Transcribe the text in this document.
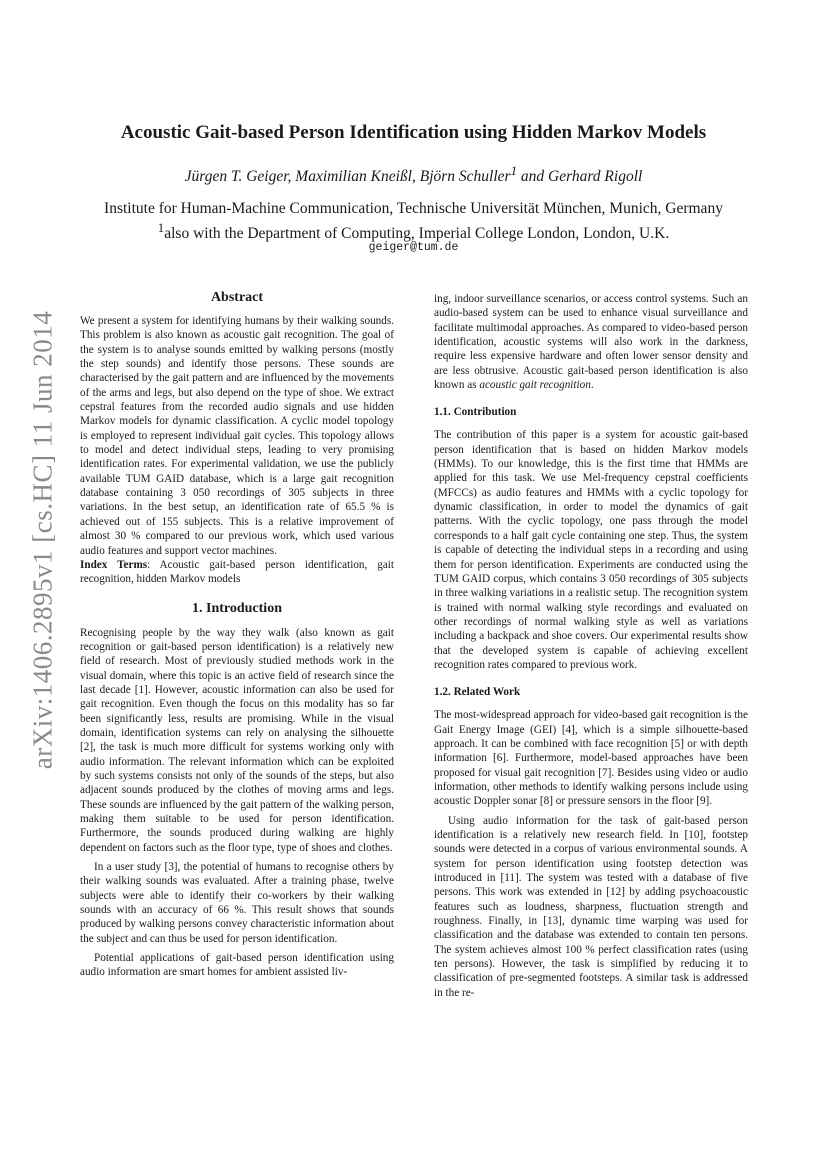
arXiv:1406.2895v1 [cs.HC] 11 Jun 2014
Acoustic Gait-based Person Identification using Hidden Markov Models
Jürgen T. Geiger, Maximilian Kneißl, Björn Schuller$^1$ and Gerhard Rigoll
Institute for Human-Machine Communication, Technische Universität München, Munich, Germany
$^1$also with the Department of Computing, Imperial College London, London, U.K.
geiger@tum.de
Abstract

We present a system for identifying humans by their walking sounds. This problem is also known as acoustic gait recognition. The goal of the system is to analyse sounds emitted by walking persons (mostly the step sounds) and identify those persons. These sounds are characterised by the gait pattern and are influenced by the movements of the arms and legs, but also depend on the type of shoe. We extract cepstral features from the recorded audio signals and use hidden Markov models for dynamic classification. A cyclic model topology is employed to represent individual gait cycles. This topology allows to model and detect individual steps, leading to very promising identification rates. For experimental validation, we use the publicly available TUM GAID database, which is a large gait recognition database containing 3 050 recordings of 305 subjects in three variations. In the best setup, an identification rate of 65.5 % is achieved out of 155 subjects. This is a relative improvement of almost 30 % compared to our previous work, which used various audio features and support vector machines.

Index Terms: Acoustic gait-based person identification, gait recognition, hidden Markov models

1. Introduction

Recognising people by the way they walk (also known as gait recognition or gait-based person identification) is a relatively new field of research. Most of previously studied methods work in the visual domain, where this topic is an active field of research since the last decade [1]. However, acoustic information can also be used for gait recognition. Even though the focus on this modality has so far been significantly less, results are promising. While in the visual domain, identification systems can rely on analysing the silhouette [2], the task is much more difficult for systems working only with audio information. The relevant information which can be exploited by such systems consists not only of the sounds of the steps, but also adjacent sounds produced by the clothes of moving arms and legs. These sounds are influenced by the gait pattern of the walking person, making them suitable to be used for person identification. Furthermore, the sounds produced during walking are highly dependent on factors such as the floor type, type of shoes and clothes.

In a user study [3], the potential of humans to recognise others by their walking sounds was evaluated. After a training phase, twelve subjects were able to identify their co-workers by their walking sounds with an accuracy of 66 %. This result shows that sounds produced by walking persons convey characteristic information about the subject and can thus be used for person identification.

Potential applications of gait-based person identification using audio information are smart homes for ambient assisted liv-

ing, indoor surveillance scenarios, or access control systems. Such an audio-based system can be used to enhance visual surveillance and facilitate multimodal approaches. As compared to video-based person identification, acoustic systems will also work in the darkness, require less expensive hardware and often lower sensor density and are less obtrusive. Acoustic gait-based person identification is also known as acoustic gait recognition.

1.1. Contribution

The contribution of this paper is a system for acoustic gait-based person identification that is based on hidden Markov models (HMMs). To our knowledge, this is the first time that HMMs are applied for this task. We use Mel-frequency cepstral coefficients (MFCCs) as audio features and HMMs with a cyclic topology for dynamic classification, in order to model the dynamics of gait patterns. With the cyclic topology, one pass through the model corresponds to a half gait cycle containing one step. Thus, the system is capable of detecting the individual steps in a recording and using them for person identification. Experiments are conducted using the TUM GAID corpus, which contains 3 050 recordings of 305 subjects in three walking variations in a realistic setup. The recognition system is trained with normal walking style recordings and evaluated on other recordings of normal walking style as well as variations including a backpack and shoe covers. Our experimental results show that the developed system is capable of achieving excellent recognition rates compared to previous work.

1.2. Related Work

The most-widespread approach for video-based gait recognition is the Gait Energy Image (GEI) [4], which is a simple silhouette-based approach. It can be combined with face recognition [5] or with depth information [6]. Furthermore, model-based approaches have been proposed for visual gait recognition [7]. Besides using video or audio information, other methods to identify walking persons include using acoustic Doppler sonar [8] or pressure sensors in the floor [9].

Using audio information for the task of gait-based person identification is a relatively new research field. In [10], footstep sounds were detected in a corpus of various environmental sounds. A system for person identification using footstep detection was introduced in [11]. The system was tested with a database of five persons. This work was extended in [12] by adding psychoacoustic features such as loudness, sharpness, fluctuation strength and roughness. Finally, in [13], dynamic time warping was used for classification and the database was extended to contain ten persons. The system achieves almost 100 % perfect classification rates (using ten persons). However, the task is simplified by reducing it to classification of pre-segmented footsteps. A similar task is addressed in the re-
